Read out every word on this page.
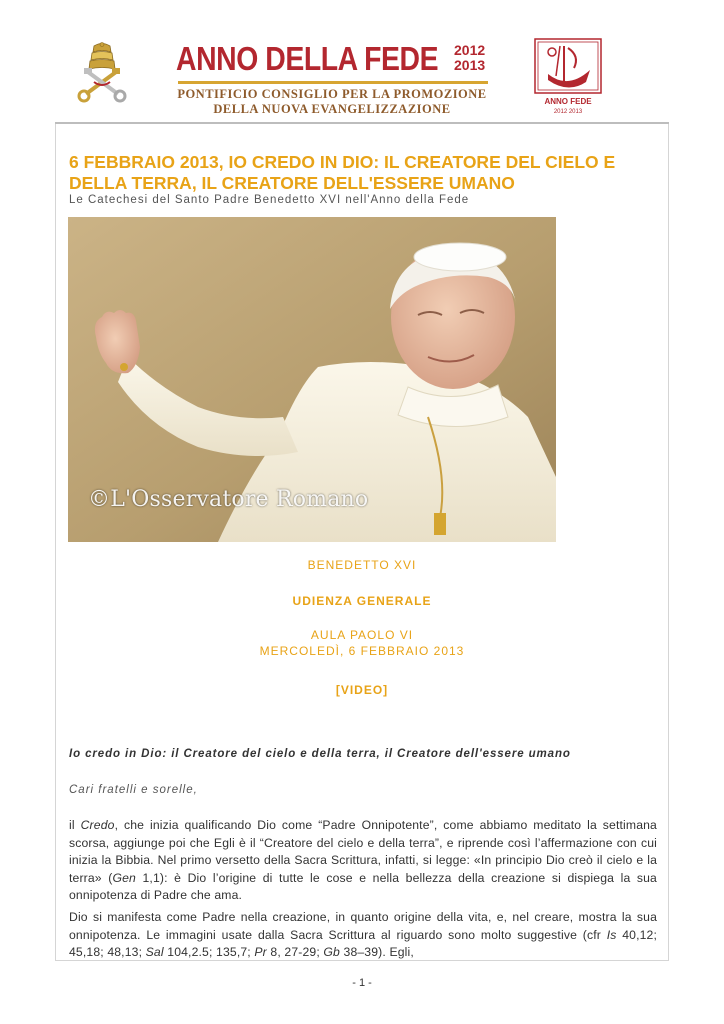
ANNO DELLA FEDE 2012
2013
PONTIFICIO CONSIGLIO PER LA PROMOZIONE
DELLA NUOVA EVANGELIZZAZIONE
ANNO FEDE
2012 2013
6 FEBBRAIO 2013, IO CREDO IN DIO: IL CREATORE DEL CIELO E DELLA TERRA, IL CREATORE DELL'ESSERE UMANO
Le Catechesi del Santo Padre Benedetto XVI nell'Anno della Fede
©L'Osservatore Romano
BENEDETTO XVI
UDIENZA GENERALE
AULA PAOLO VI
MERCOLEDÌ, 6 FEBBRAIO 2013
[VIDEO]
Io credo in Dio: il Creatore del cielo e della terra, il Creatore dell'essere umano
Cari fratelli e sorelle,

il Credo, che inizia qualificando Dio come “Padre Onnipotente”, come abbiamo meditato la settimana scorsa, aggiunge poi che Egli è il “Creatore del cielo e della terra”, e riprende così l’affermazione con cui inizia la Bibbia. Nel primo versetto della Sacra Scrittura, infatti, si legge: «In principio Dio creò il cielo e la terra» (Gen 1,1): è Dio l’origine di tutte le cose e nella bellezza della creazione si dispiega la sua onnipotenza di Padre che ama.

Dio si manifesta come Padre nella creazione, in quanto origine della vita, e, nel creare, mostra la sua onnipotenza. Le immagini usate dalla Sacra Scrittura al riguardo sono molto suggestive (cfr Is 40,12; 45,18; 48,13; Sal 104,2.5; 135,7; Pr 8, 27-29; Gb 38–39). Egli,

- 1 -
